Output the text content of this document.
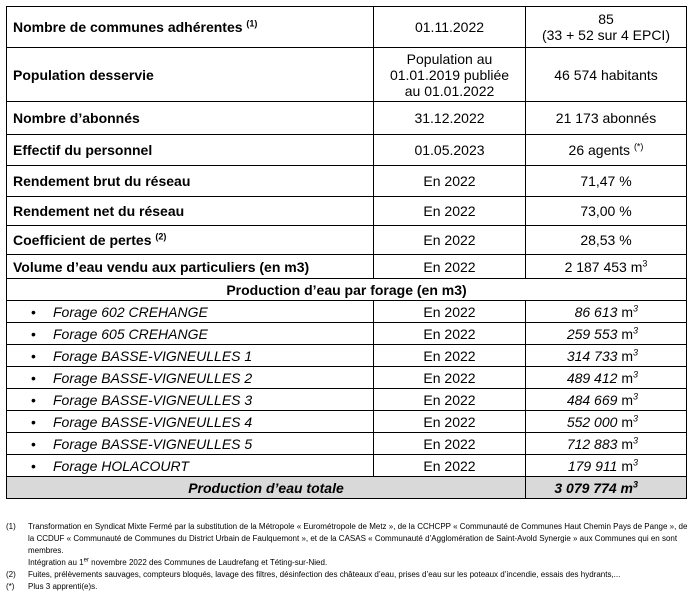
Nombre de communes adhérentes $^{(1)}$	01.11.2022	85
(33 + 52 sur 4 EPCI)

Population desservie	Population au
01.01.2019 publiée
au 01.01.2022	46 574 habitants
Nombre d’abonnés	31.12.2022	21 173 abonnés
Effectif du personnel	01.05.2023	26 agents (*)
Rendement brut du réseau	En 2022	71,47 %
Rendement net du réseau	En 2022	73,00 %
Coefficient de pertes $^{(2)}$	En 2022	28,53 %
Volume d’eau vendu aux particuliers (en m3)	En 2022	2 187 453 $m^3$
Production d’eau par forage (en m3)		

• Forage 602 CREHANGE	En 2022	86 613 $m^3$

• Forage 605 CREHANGE	En 2022	259 553 $m^3$

• Forage BASSE-VIGNEULLES 1	En 2022	314 733 $m^3$

• Forage BASSE-VIGNEULLES 2	En 2022	489 412 $m^3$

• Forage BASSE-VIGNEULLES 3	En 2022	484 669 $m^3$

• Forage BASSE-VIGNEULLES 4	En 2022	552 000 $m^3$

• Forage BASSE-VIGNEULLES 5	En 2022	712 883 $m^3$

• Forage HOLACOURT	En 2022	179 911 $m^3$
Production d’eau totale		3 079 774 $m^3$
(1)	Transformation en Syndicat Mixte Fermé par la substitution de la Métropole « Eurométropole de Metz », de la CCHCPP « Communauté de Communes Haut Chemin Pays de Pange », de la CCDUF « Communauté de Communes du District Urbain de Faulquemont », et de la CASAS « Communauté d’Agglomération de Saint-Avold Synergie » aux Communes qui en sont membres.
Intégration au 1er novembre 2022 des Communes de Laudrefang et Téting-sur-Nied.
(2)	Fuites, prélèvements sauvages, compteurs bloqués, lavage des filtres, désinfection des châteaux d’eau, prises d’eau sur les poteaux d’incendie, essais des hydrants,...
(*)	Plus 3 apprenti(e)s.
